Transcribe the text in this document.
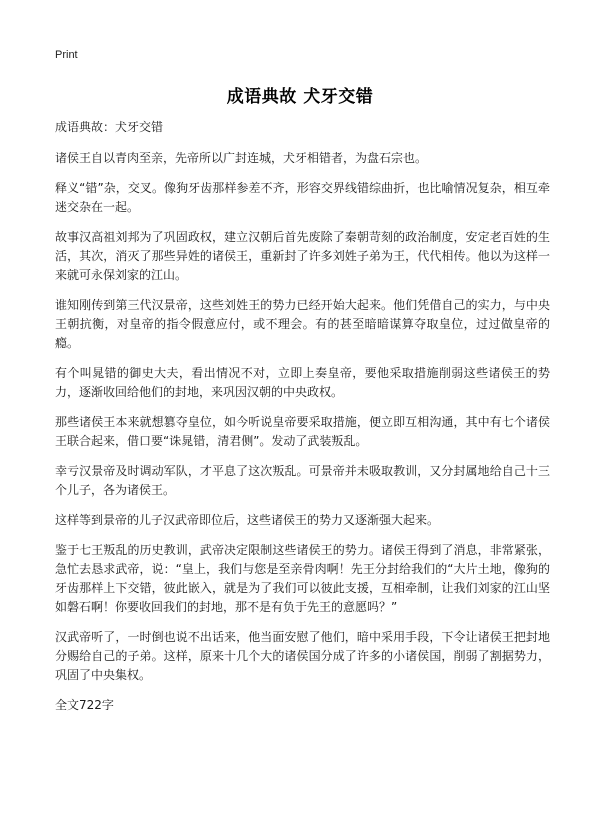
Print
成语典故 犬牙交错

成语典故：犬牙交错

诸侯王自以青肉至亲，先帝所以广封连城，犬牙相错者，为盘石宗也。

释义“错”杂，交叉。像狗牙齿那样参差不齐，形容交界线错综曲折，也比喻情况复杂，相互牵迷交杂在一起。

故事汉高祖刘邦为了巩固政权，建立汉朝后首先废除了秦朝苛刻的政治制度，安定老百姓的生活，其次，消灭了那些异姓的诸侯王，重新封了许多刘姓子弟为王，代代相传。他以为这样一来就可永保刘家的江山。

谁知刚传到第三代汉景帝，这些刘姓王的势力已经开始大起来。他们凭借自己的实力，与中央王朝抗衡，对皇帝的指令假意应付，或不理会。有的甚至暗暗谋算夺取皇位，过过做皇帝的瘾。

有个叫晁错的御史大夫，看出情况不对，立即上奏皇帝，要他采取措施削弱这些诸侯王的势力，逐渐收回给他们的封地，来巩因汉朝的中央政权。

那些诸侯王本来就想篡夺皇位，如今听说皇帝要采取措施，便立即互相沟通，其中有七个诸侯王联合起来，借口要“诛晁错，清君侧”。发动了武装叛乱。

幸亏汉景帝及时调动军队，才平息了这次叛乱。可景帝并未吸取教训，又分封属地给自己十三个儿子，各为诸侯王。

这样等到景帝的儿子汉武帝即位后，这些诸侯王的势力又逐渐强大起来。

鉴于七王叛乱的历史教训，武帝决定限制这些诸侯王的势力。诸侯王得到了消息，非常紧张，急忙去恳求武帝，说：“皇上，我们与您是至亲骨肉啊！先王分封给我们的“大片土地，像狗的牙齿那样上下交错，彼此嵌入，就是为了我们可以彼此支援，互相牵制，让我们刘家的江山坚如磐石啊！你要收回我们的封地，那不是有负于先王的意愿吗？”

汉武帝听了，一时倒也说不出话来，他当面安慰了他们，暗中采用手段，下令让诸侯王把封地分赐给自己的子弟。这样，原来十几个大的诸侯国分成了许多的小诸侯国，削弱了割据势力，巩固了中央集权。

全文722字
